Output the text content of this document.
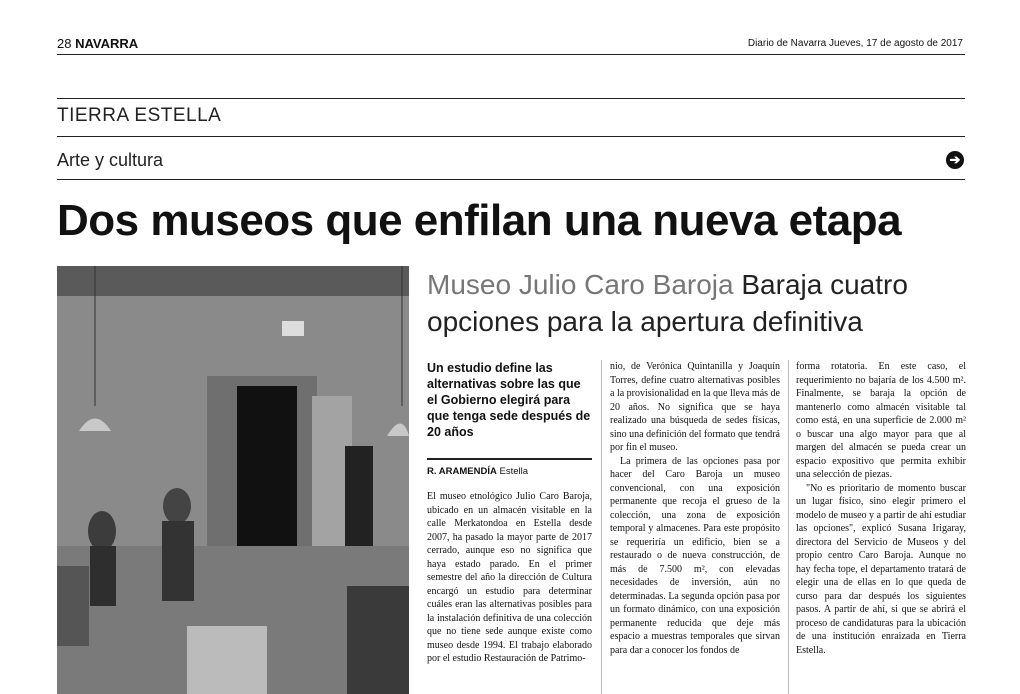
28 NAVARRA	Diario de Navarra Jueves, 17 de agosto de 2017
TIERRA ESTELLA
Arte y cultura	➔
Dos museos que enfilan una nueva etapa
Museo Julio Caro Baroja Baraja cuatro opciones para la apertura definitiva
Un estudio define las alternativas sobre las que el Gobierno elegirá para que tenga sede después de 20 años
R. ARAMENDÍA Estella

El museo etnológico Julio Caro Baroja, ubicado en un almacén visitable en la calle Merkatondoa en Estella desde 2007, ha pasado la mayor parte de 2017 cerrado, aunque eso no significa que haya estado parado. En el primer semestre del año la dirección de Cultura encargó un estudio para determinar cuáles eran las alternativas posibles para la instalación definitiva de una colección que no tiene sede aunque existe como museo desde 1994. El trabajo elaborado por el estudio Restauración de Patrimo-

nio, de Verónica Quintanilla y Joaquín Torres, define cuatro alternativas posibles a la provisionalidad en la que lleva más de 20 años. No significa que se haya realizado una búsqueda de sedes físicas, sino una definición del formato que tendrá por fin el museo.

La primera de las opciones pasa por hacer del Caro Baroja un museo convencional, con una exposición permanente que recoja el grueso de la colección, una zona de exposición temporal y almacenes. Para este propósito se requeriría un edificio, bien se a restaurado o de nueva construcción, de más de 7.500 m², con elevadas necesidades de inversión, aún no determinadas. La segunda opción pasa por un formato dinámico, con una exposición permanente reducida que deje más espacio a muestras temporales que sirvan para dar a conocer los fondos de

forma rotatoria. En este caso, el requerimiento no bajaría de los 4.500 m². Finalmente, se baraja la opción de mantenerlo como almacén visitable tal como está, en una superficie de 2.000 m² o buscar una algo mayor para que al margen del almacén se pueda crear un espacio expositivo que permita exhibir una selección de piezas.

"No es prioritario de momento buscar un lugar físico, sino elegir primero el modelo de museo y a partir de ahí estudiar las opciones", explicó Susana Irigaray, directora del Servicio de Museos y del propio centro Caro Baroja. Aunque no hay fecha tope, el departamento tratará de elegir una de ellas en lo que queda de curso para dar después los siguientes pasos. A partir de ahí, si que se abrirá el proceso de candidaturas para la ubicación de una institución enraizada en Tierra Estella.
